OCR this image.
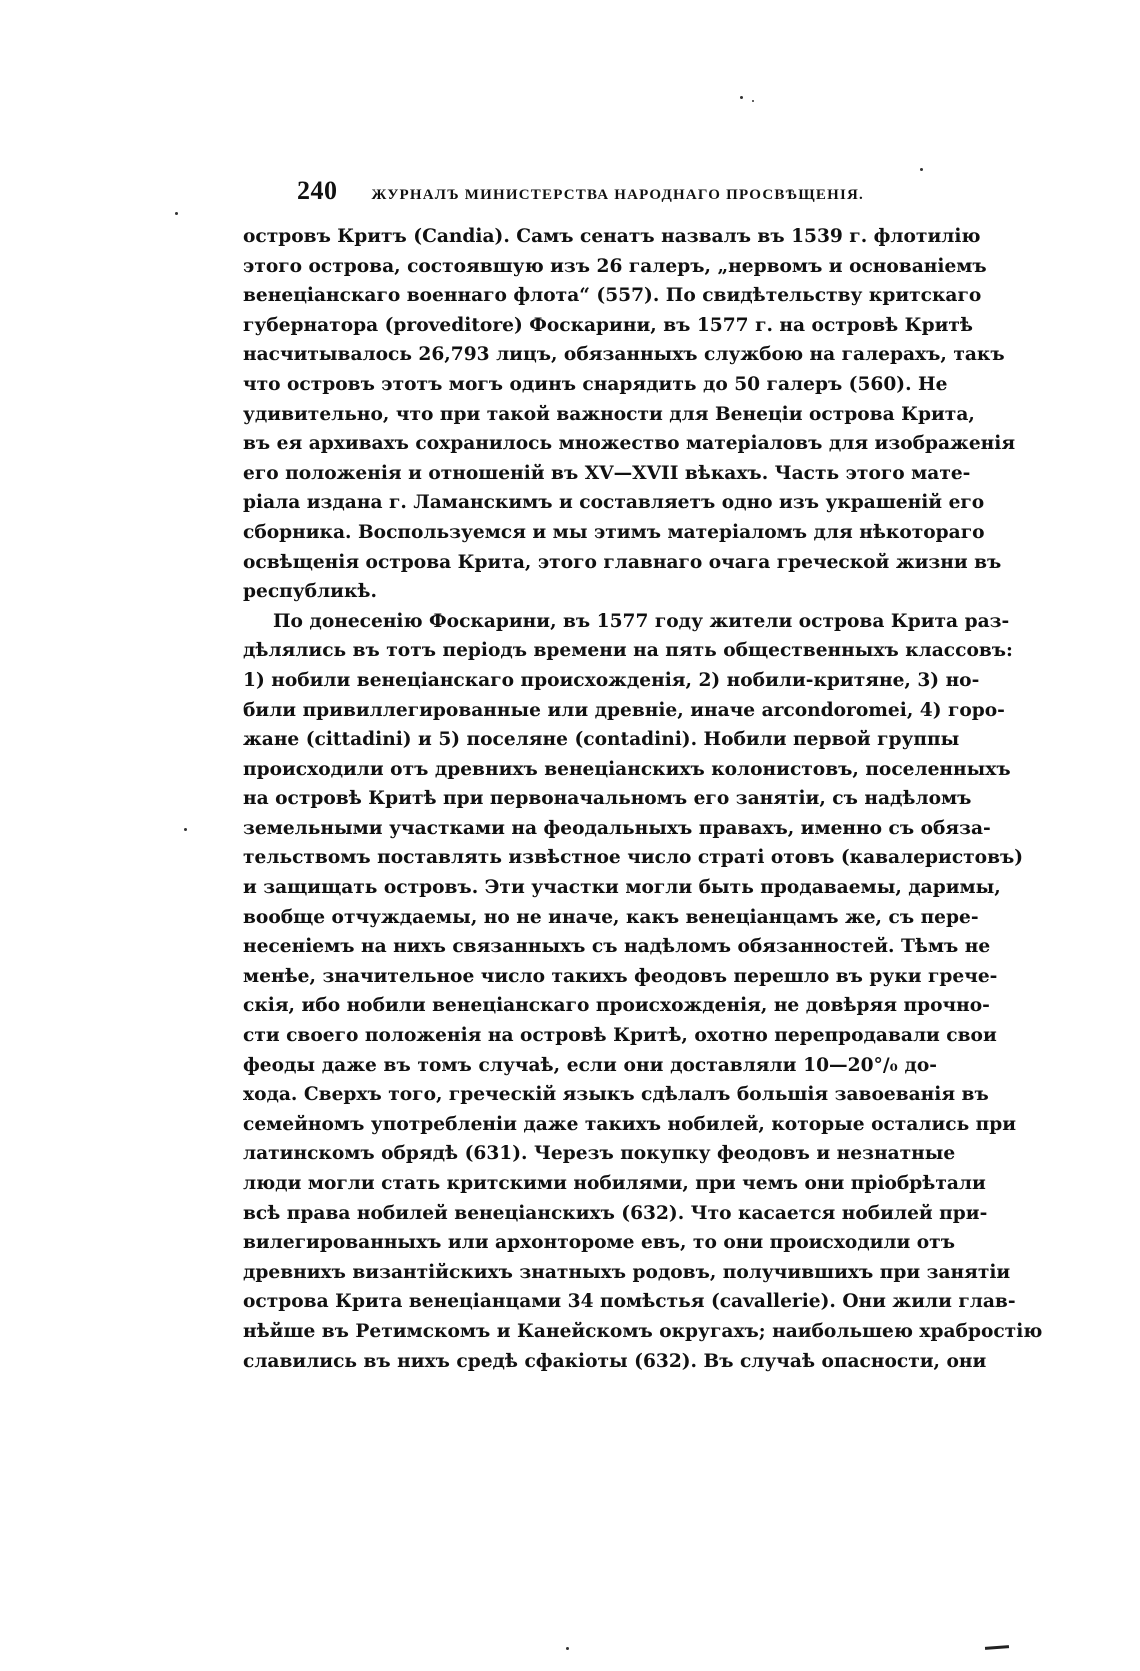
240 ЖУРНАЛЪ МИНИСТЕРСТВА НАРОДНАГО ПРОСВѢЩЕНІЯ.
островъ Критъ (Candia). Самъ сенатъ назвалъ въ 1539 г. флотилію
этого острова, состоявшую изъ 26 галеръ, „нервомъ и основаніемъ
венеціанскаго военнаго флота“ (557). По свидѣтельству критскаго
губернатора (proveditore) Фоскарини, въ 1577 г. на островѣ Критѣ
насчитывалось 26,793 лицъ, обязанныхъ службою на галерахъ, такъ
что островъ этотъ могъ одинъ снарядить до 50 галеръ (560). Не
удивительно, что при такой важности для Венеціи острова Крита,
въ ея архивахъ сохранилось множество матеріаловъ для изображенія
его положенія и отношеній въ XV—XVII вѣкахъ. Часть этого мате-
ріала издана г. Ламанскимъ и составляетъ одно изъ украшеній его
сборника. Воспользуемся и мы этимъ матеріаломъ для нѣкотораго
освѣщенія острова Крита, этого главнаго очага греческой жизни въ
республикѣ.
По донесенію Фоскарини, въ 1577 году жители острова Крита раз-
дѣлялись въ тотъ періодъ времени на пять общественныхъ классовъ:
1) нобили венеціанскаго происхожденія, 2) нобили-критяне, 3) но-
били привиллегированные или древніе, иначе arcondoromei, 4) горо-
жане (cittadini) и 5) поселяне (contadini). Нобили первой группы
происходили отъ древнихъ венеціанскихъ колонистовъ, поселенныхъ
на островѣ Критѣ при первоначальномъ его занятіи, съ надѣломъ
земельными участками на феодальныхъ правахъ, именно съ обяза-
тельствомъ поставлять извѣстное число страті отовъ (кавалеристовъ)
и защищать островъ. Эти участки могли быть продаваемы, даримы,
вообще отчуждаемы, но не иначе, какъ венеціанцамъ же, съ пере-
несеніемъ на нихъ связанныхъ съ надѣломъ обязанностей. Тѣмъ не
менѣе, значительное число такихъ феодовъ перешло въ руки грече-
скія, ибо нобили венеціанскаго происхожденія, не довѣряя прочно-
сти своего положенія на островѣ Критѣ, охотно перепродавали свои
феоды даже въ томъ случаѣ, если они доставляли 10—20°/₀ до-
хода. Сверхъ того, греческій языкъ сдѣлалъ большія завоеванія въ
семейномъ употребленіи даже такихъ нобилей, которые остались при
латинскомъ обрядѣ (631). Черезъ покупку феодовъ и незнатные
люди могли стать критскими нобилями, при чемъ они пріобрѣтали
всѣ права нобилей венеціанскихъ (632). Что касается нобилей при-
вилегированныхъ или архонтороме евъ, то они происходили отъ
древнихъ византійскихъ знатныхъ родовъ, получившихъ при занятіи
острова Крита венеціанцами 34 помѣстья (cavallerie). Они жили глав-
нѣйше въ Ретимскомъ и Канейскомъ округахъ; наибольшею храбростію
славились въ нихъ средѣ сфакіоты (632). Въ случаѣ опасности, они
